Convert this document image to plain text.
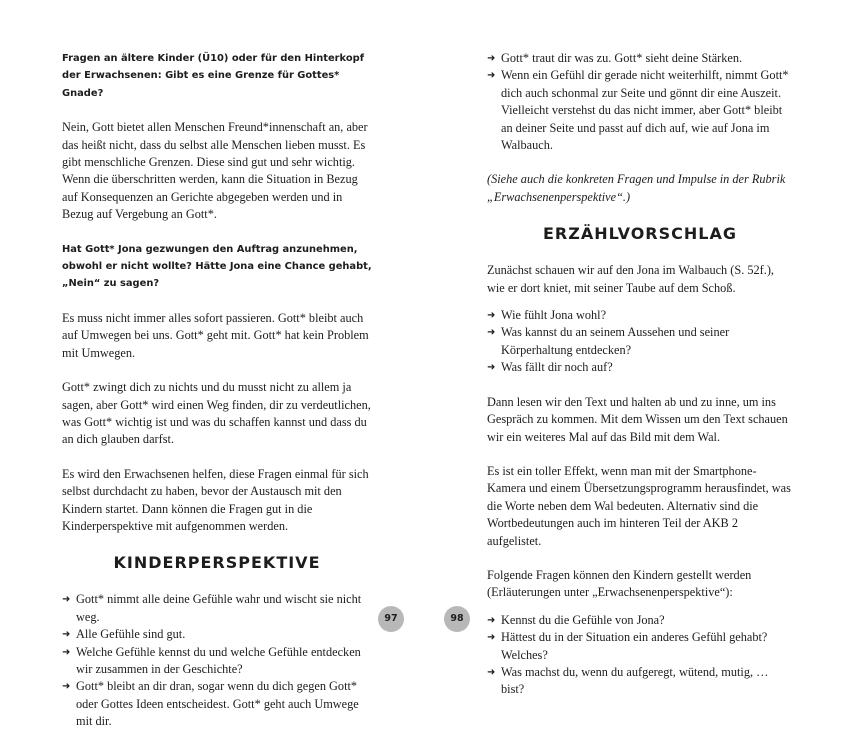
Fragen an ältere Kinder (Ü10) oder für den Hinterkopf der Erwachsenen: Gibt es eine Grenze für Gottes* Gnade?

Nein, Gott bietet allen Menschen Freund*innenschaft an, aber das heißt nicht, dass du selbst alle Menschen lieben musst. Es gibt menschliche Grenzen. Diese sind gut und sehr wichtig. Wenn die überschritten werden, kann die Situation in Bezug auf Konsequenzen an Gerichte abgegeben werden und in Bezug auf Vergebung an Gott*.

Hat Gott* Jona gezwungen den Auftrag anzunehmen, obwohl er nicht wollte? Hätte Jona eine Chance gehabt, „Nein“ zu sagen?

Es muss nicht immer alles sofort passieren. Gott* bleibt auch auf Umwegen bei uns. Gott* geht mit. Gott* hat kein Problem mit Umwegen.

Gott* zwingt dich zu nichts und du musst nicht zu allem ja sagen, aber Gott* wird einen Weg finden, dir zu verdeutlichen, was Gott* wichtig ist und was du schaffen kannst und dass du an dich glauben darfst.

Es wird den Erwachsenen helfen, diese Fragen einmal für sich selbst durchdacht zu haben, bevor der Austausch mit den Kindern startet. Dann können die Fragen gut in die Kinderperspektive mit aufgenommen werden.

KINDERPERSPEKTIVE
➜ Gott* nimmt alle deine Gefühle wahr und wischt sie nicht weg.
➜ Alle Gefühle sind gut.
➜ Welche Gefühle kennst du und welche Gefühle entdecken wir zusammen in der Geschichte?
➜ Gott* bleibt an dir dran, sogar wenn du dich gegen Gott* oder Gottes Ideen entscheidest. Gott* geht auch Umwege mit dir.
97
➜ Gott* traut dir was zu. Gott* sieht deine Stärken.
➜ Wenn ein Gefühl dir gerade nicht weiterhilft, nimmt Gott* dich auch schonmal zur Seite und gönnt dir eine Auszeit. Vielleicht verstehst du das nicht immer, aber Gott* bleibt an deiner Seite und passt auf dich auf, wie auf Jona im Walbauch.

(Siehe auch die konkreten Fragen und Impulse in der Rubrik „Erwachsenenperspektive“.)

ERZÄHLVORSCHLAG

Zunächst schauen wir auf den Jona im Walbauch (S. 52f.), wie er dort kniet, mit seiner Taube auf dem Schoß.

➜ Wie fühlt Jona wohl?
➜ Was kannst du an seinem Aussehen und seiner Körperhaltung entdecken?
➜ Was fällt dir noch auf?

Dann lesen wir den Text und halten ab und zu inne, um ins Gespräch zu kommen. Mit dem Wissen um den Text schauen wir ein weiteres Mal auf das Bild mit dem Wal.

Es ist ein toller Effekt, wenn man mit der Smartphone-Kamera und einem Übersetzungsprogramm herausfindet, was die Worte neben dem Wal bedeuten. Alternativ sind die Wortbedeutungen auch im hinteren Teil der AKB 2 aufgelistet.

Folgende Fragen können den Kindern gestellt werden (Erläuterungen unter „Erwachsenenperspektive“):

➜ Kennst du die Gefühle von Jona?
➜ Hättest du in der Situation ein anderes Gefühl gehabt? Welches?
➜ Was machst du, wenn du aufgeregt, wütend, mutig, … bist?
98
